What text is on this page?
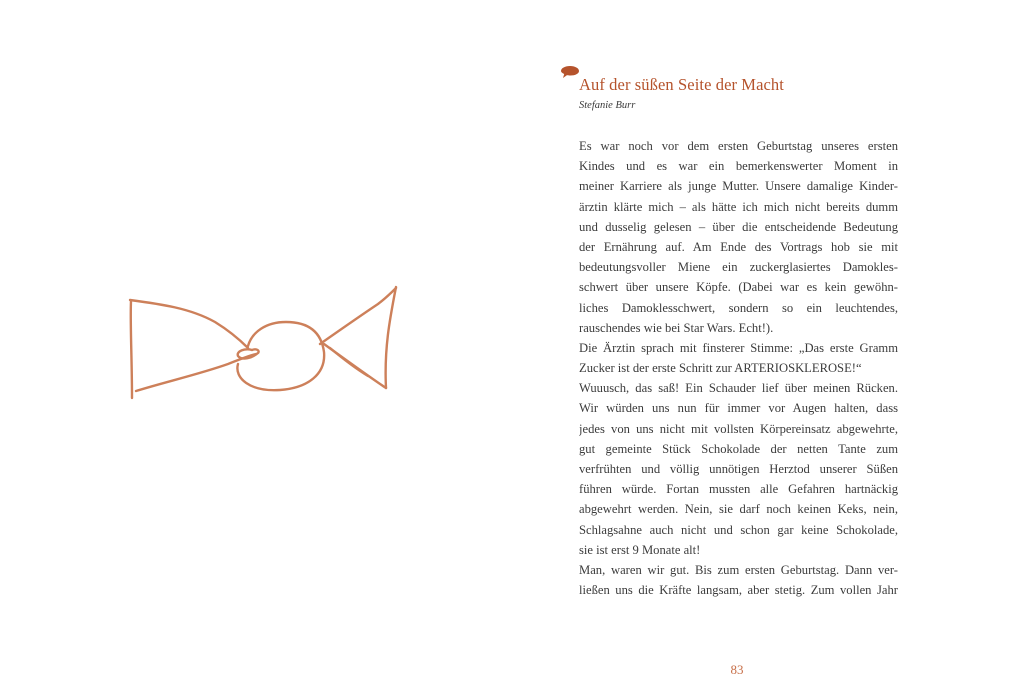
Auf der süßen Seite der Macht
Stefanie Burr
Es war noch vor dem ersten Geburtstag unseres ersten
Kindes und es war ein bemerkenswerter Moment in
meiner Karriere als junge Mutter. Unsere damalige Kinder-
ärztin klärte mich – als hätte ich mich nicht bereits dumm
und dusselig gelesen – über die entscheidende Bedeutung
der Ernährung auf. Am Ende des Vortrags hob sie mit
bedeutungsvoller Miene ein zuckerglasiertes Damokles-
schwert über unsere Köpfe. (Dabei war es kein gewöhn-
liches Damoklesschwert, sondern so ein leuchtendes,
rauschendes wie bei Star Wars. Echt!).
Die Ärztin sprach mit finsterer Stimme: „Das erste Gramm
Zucker ist der erste Schritt zur ARTERIOSKLEROSE!“
Wuuusch, das saß! Ein Schauder lief über meinen Rücken.
Wir würden uns nun für immer vor Augen halten, dass
jedes von uns nicht mit vollsten Körpereinsatz abgewehrte,
gut gemeinte Stück Schokolade der netten Tante zum
verfrühten und völlig unnötigen Herztod unserer Süßen
führen würde. Fortan mussten alle Gefahren hartnäckig
abgewehrt werden. Nein, sie darf noch keinen Keks, nein,
Schlagsahne auch nicht und schon gar keine Schokolade,
sie ist erst 9 Monate alt!
Man, waren wir gut. Bis zum ersten Geburtstag. Dann ver-
ließen uns die Kräfte langsam, aber stetig. Zum vollen Jahr
83
